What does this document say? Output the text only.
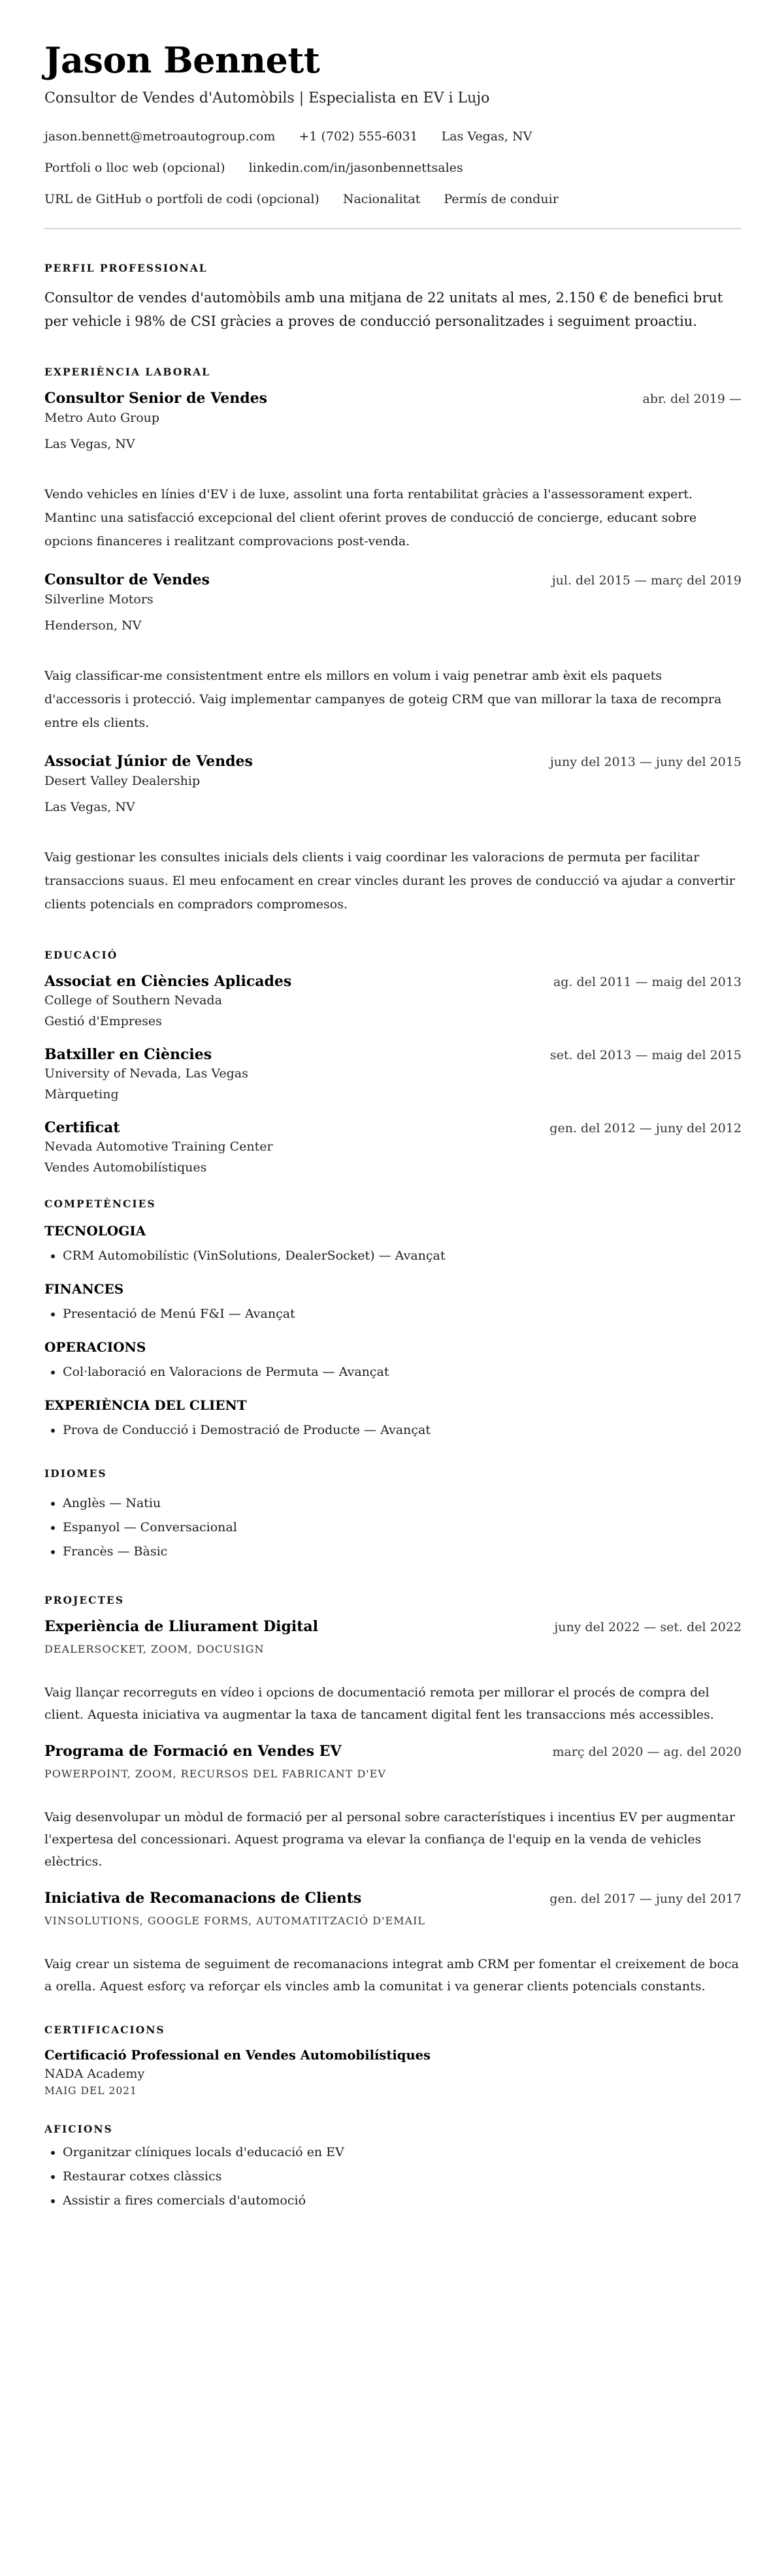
Jason Bennett
Consultor de Vendes d'Automòbils | Especialista en EV i Lujo
jason.bennett@metroautogroup.com +1 (702) 555-6031 Las Vegas, NV
Portfoli o lloc web (opcional) linkedin.com/in/jasonbennettsales
URL de GitHub o portfoli de codi (opcional) Nacionalitat Permís de conduir
PERFIL PROFESSIONAL
Consultor de vendes d'automòbils amb una mitjana de 22 unitats al mes, 2.150 € de benefici brut per vehicle i 98% de CSI gràcies a proves de conducció personalitzades i seguiment proactiu.
EXPERIÈNCIA LABORAL
Consultor Senior de Vendes	abr. del 2019 —
Metro Auto Group
Las Vegas, NV
Vendo vehicles en línies d'EV i de luxe, assolint una forta rentabilitat gràcies a l'assessorament expert. Mantinc una satisfacció excepcional del client oferint proves de conducció de concierge, educant sobre opcions financeres i realitzant comprovacions post-venda.
Consultor de Vendes	jul. del 2015 — març del 2019
Silverline Motors
Henderson, NV
Vaig classificar-me consistentment entre els millors en volum i vaig penetrar amb èxit els paquets d'accessoris i protecció. Vaig implementar campanyes de goteig CRM que van millorar la taxa de recompra entre els clients.
Associat Júnior de Vendes	juny del 2013 — juny del 2015
Desert Valley Dealership
Las Vegas, NV
Vaig gestionar les consultes inicials dels clients i vaig coordinar les valoracions de permuta per facilitar transaccions suaus. El meu enfocament en crear vincles durant les proves de conducció va ajudar a convertir clients potencials en compradors compromesos.
EDUCACIÓ
Associat en Ciències Aplicades	ag. del 2011 — maig del 2013
College of Southern Nevada
Gestió d'Empreses
Batxiller en Ciències	set. del 2013 — maig del 2015
University of Nevada, Las Vegas
Màrqueting
Certificat	gen. del 2012 — juny del 2012
Nevada Automotive Training Center
Vendes Automobilístiques
COMPETÈNCIES
TECNOLOGIA
• CRM Automobilístic (VinSolutions, DealerSocket) — Avançat
FINANCES
• Presentació de Menú F&I — Avançat
OPERACIONS
• Col·laboració en Valoracions de Permuta — Avançat
EXPERIÈNCIA DEL CLIENT
• Prova de Conducció i Demostració de Producte — Avançat
IDIOMES
• Anglès — Natiu
• Espanyol — Conversacional
• Francès — Bàsic
PROJECTES
Experiència de Lliurament Digital	juny del 2022 — set. del 2022
DEALERSOCKET, ZOOM, DOCUSIGN
Vaig llançar recorreguts en vídeo i opcions de documentació remota per millorar el procés de compra del client. Aquesta iniciativa va augmentar la taxa de tancament digital fent les transaccions més accessibles.
Programa de Formació en Vendes EV	març del 2020 — ag. del 2020
POWERPOINT, ZOOM, RECURSOS DEL FABRICANT D'EV
Vaig desenvolupar un mòdul de formació per al personal sobre característiques i incentius EV per augmentar l'expertesa del concessionari. Aquest programa va elevar la confiança de l'equip en la venda de vehicles elèctrics.
Iniciativa de Recomanacions de Clients	gen. del 2017 — juny del 2017
VINSOLUTIONS, GOOGLE FORMS, AUTOMATITZACIÓ D'EMAIL
Vaig crear un sistema de seguiment de recomanacions integrat amb CRM per fomentar el creixement de boca a orella. Aquest esforç va reforçar els vincles amb la comunitat i va generar clients potencials constants.
CERTIFICACIONS
Certificació Professional en Vendes Automobilístiques
NADA Academy
MAIG DEL 2021
AFICIONS
• Organitzar clíniques locals d'educació en EV
• Restaurar cotxes clàssics
• Assistir a fires comercials d'automoció
